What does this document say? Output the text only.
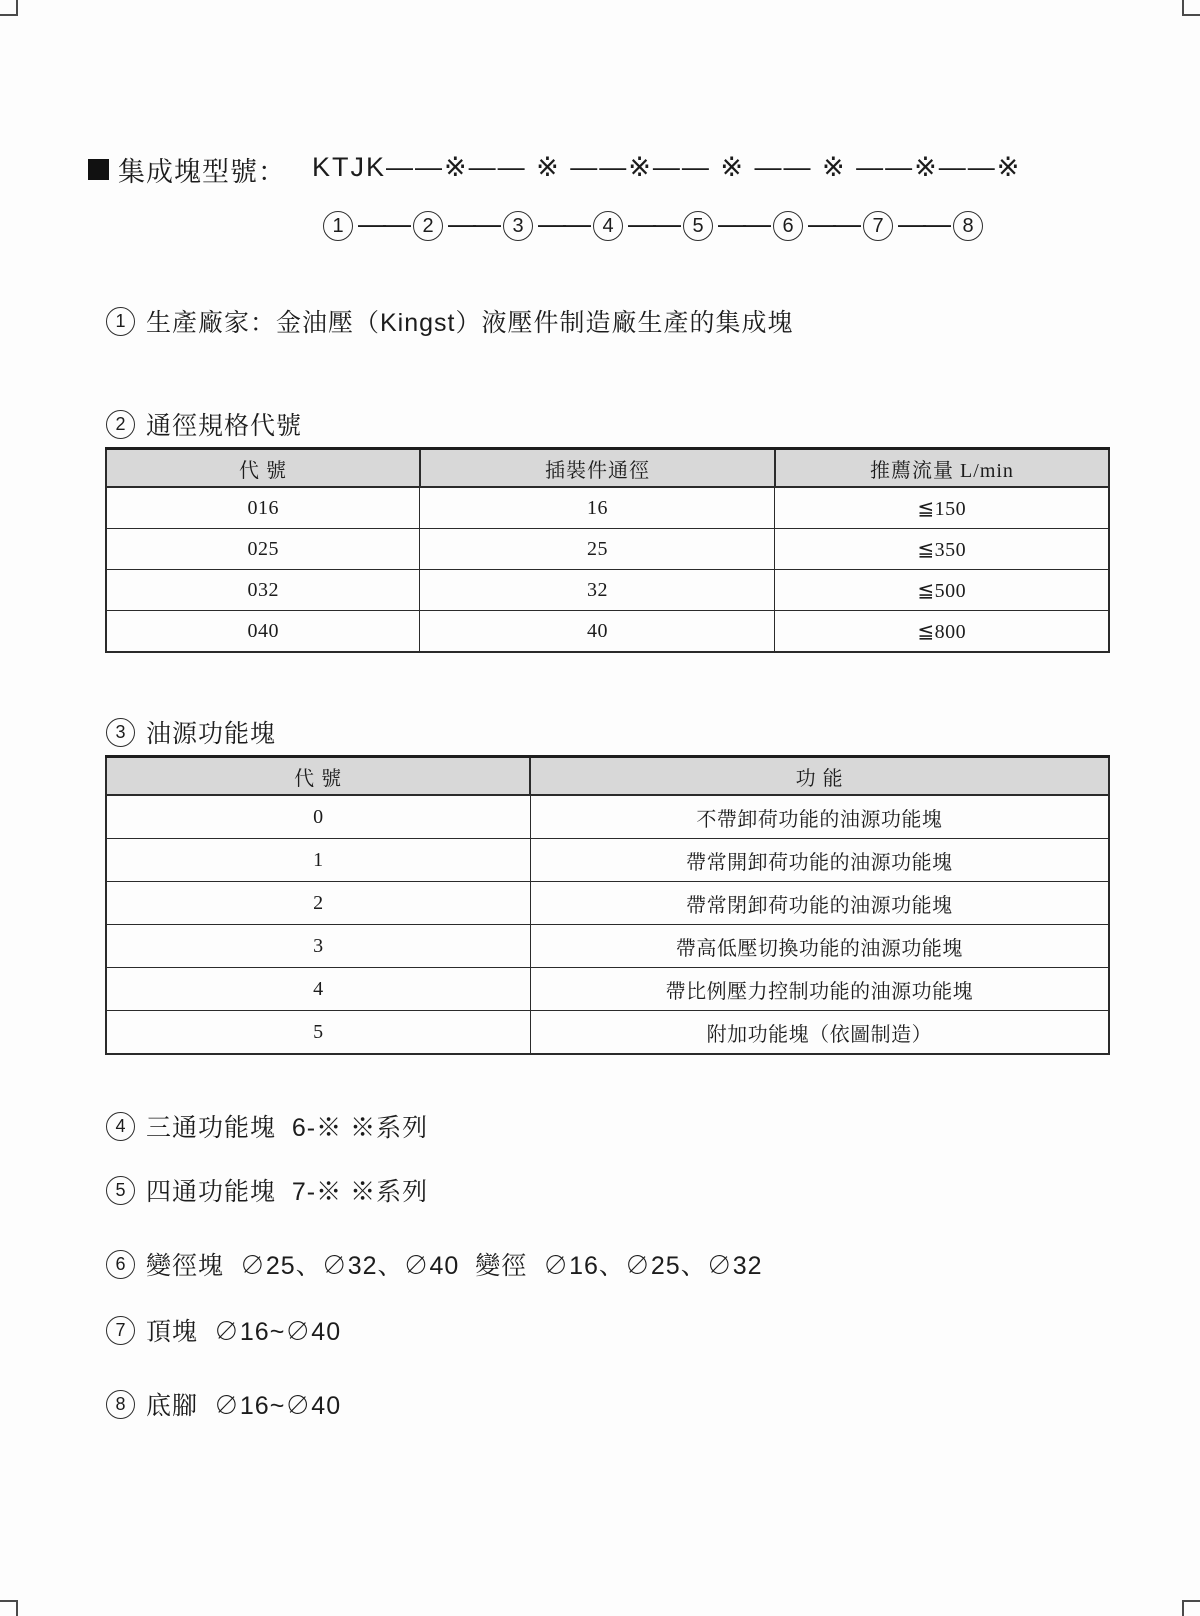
集成塊型號： KTJK——※—— ※ ——※—— ※ —— ※ ——※——※
1 —— 2 —— 3 —— 4 —— 5 —— 6 —— 7 —— 8
1 生產廠家：金油壓（Kingst）液壓件制造廠生產的集成塊
2 通徑規格代號
代 號	插裝件通徑	推薦流量 L/min
016	16	≦150
025	25	≦350
032	32	≦500
040	40	≦800
3 油源功能塊
代 號	功 能
0	不帶卸荷功能的油源功能塊
1	帶常開卸荷功能的油源功能塊
2	帶常閉卸荷功能的油源功能塊
3	帶高低壓切換功能的油源功能塊
4	帶比例壓力控制功能的油源功能塊
5	附加功能塊（依圖制造）
4 三通功能塊  6-※ ※系列
5 四通功能塊  7-※ ※系列
6 變徑塊  ∅25、∅32、∅40  變徑  ∅16、∅25、∅32
7 頂塊  ∅16~∅40
8 底腳  ∅16~∅40
